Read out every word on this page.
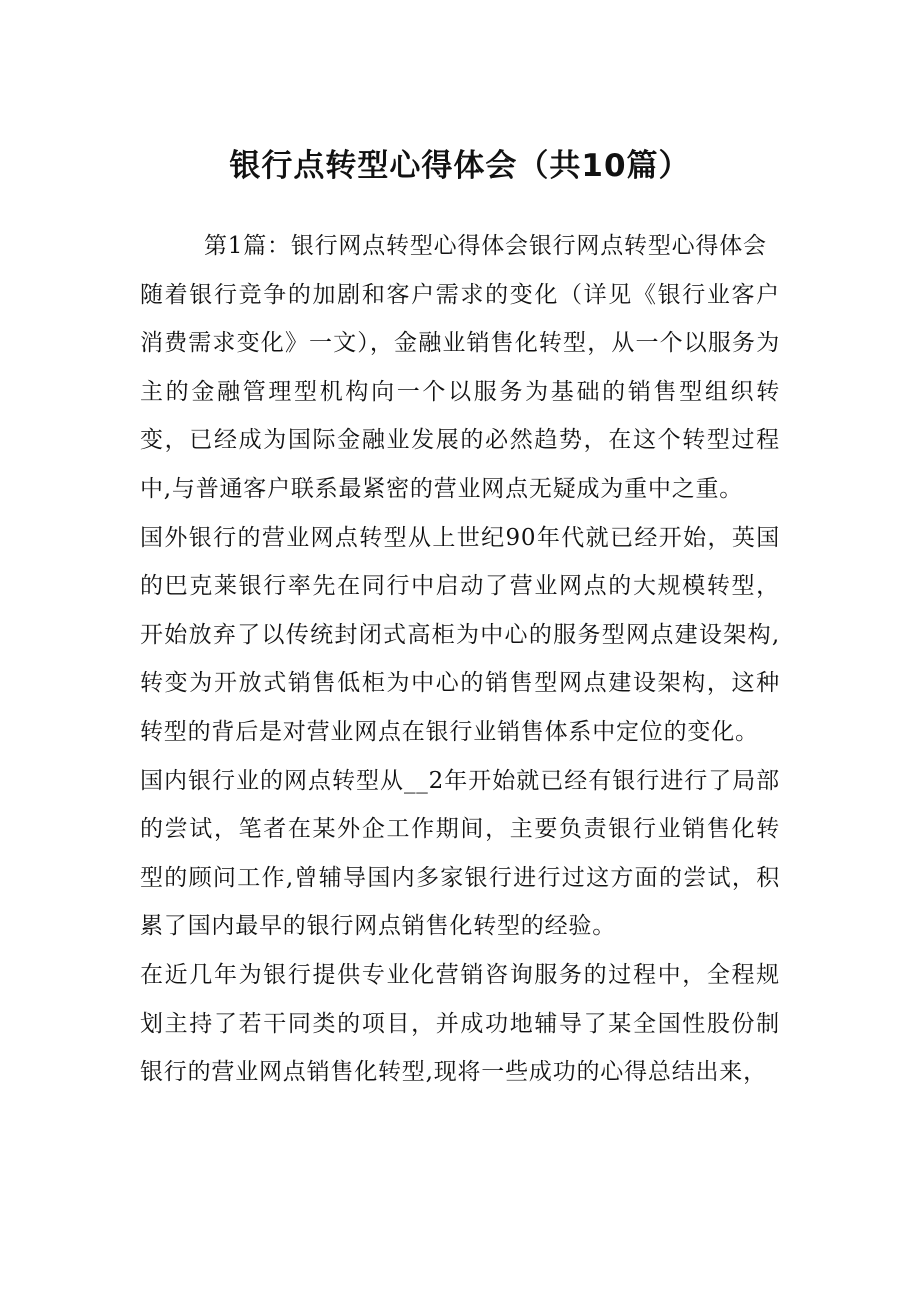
银行点转型心得体会（共10篇）

第1篇：银行网点转型心得体会银行网点转型心得体会

随着银行竞争的加剧和客户需求的变化（详见《银行业客户消费需求变化》一文），金融业销售化转型，从一个以服务为主的金融管理型机构向一个以服务为基础的销售型组织转变，已经成为国际金融业发展的必然趋势，在这个转型过程中,与普通客户联系最紧密的营业网点无疑成为重中之重。

国外银行的营业网点转型从上世纪90年代就已经开始，英国的巴克莱银行率先在同行中启动了营业网点的大规模转型，开始放弃了以传统封闭式高柜为中心的服务型网点建设架构,转变为开放式销售低柜为中心的销售型网点建设架构，这种转型的背后是对营业网点在银行业销售体系中定位的变化。

国内银行业的网点转型从__2年开始就已经有银行进行了局部的尝试，笔者在某外企工作期间，主要负责银行业销售化转型的顾问工作,曾辅导国内多家银行进行过这方面的尝试，积累了国内最早的银行网点销售化转型的经验。

在近几年为银行提供专业化营销咨询服务的过程中，全程规划主持了若干同类的项目，并成功地辅导了某全国性股份制银行的营业网点销售化转型,现将一些成功的心得总结出来，
